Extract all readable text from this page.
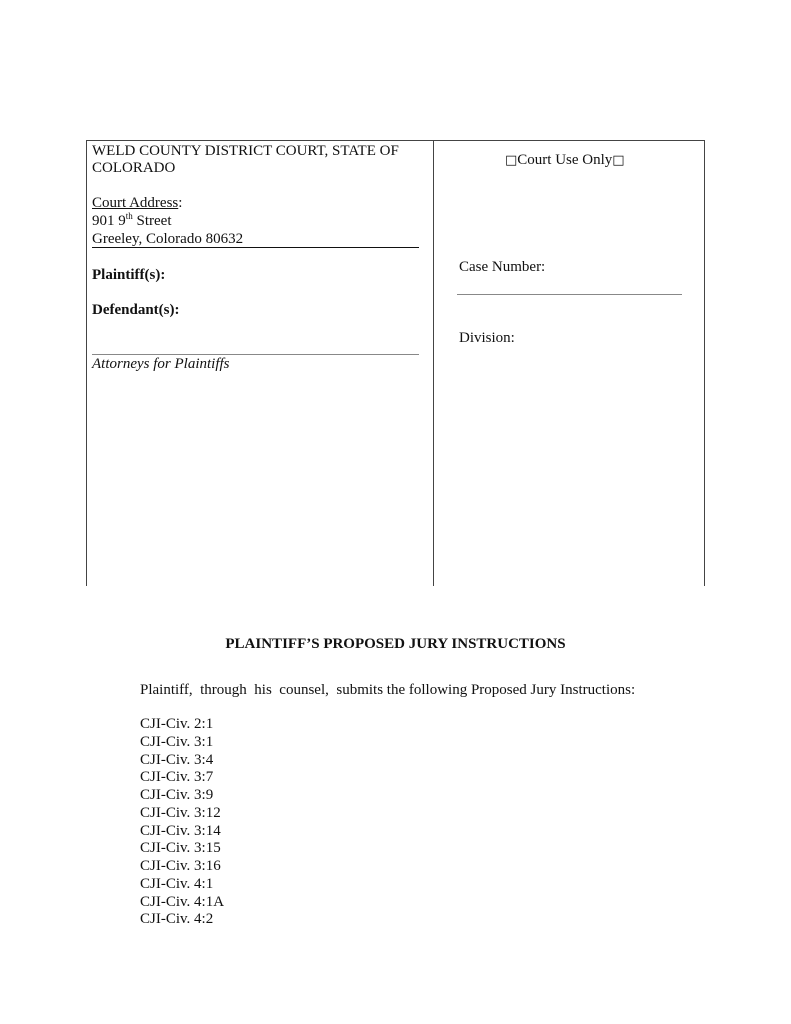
WELD COUNTY DISTRICT COURT, STATE OF
COLORADO
Court Address:
901 9th Street
Greeley, Colorado 80632
Plaintiff(s):
Defendant(s):
Attorneys for Plaintiffs
□Court Use Only□
Case Number:
Division:
PLAINTIFF’S PROPOSED JURY INSTRUCTIONS
Plaintiff,  through  his  counsel,  submits the following Proposed Jury Instructions:
CJI-Civ. 2:1
CJI-Civ. 3:1
CJI-Civ. 3:4
CJI-Civ. 3:7
CJI-Civ. 3:9
CJI-Civ. 3:12
CJI-Civ. 3:14
CJI-Civ. 3:15
CJI-Civ. 3:16
CJI-Civ. 4:1
CJI-Civ. 4:1A
CJI-Civ. 4:2
